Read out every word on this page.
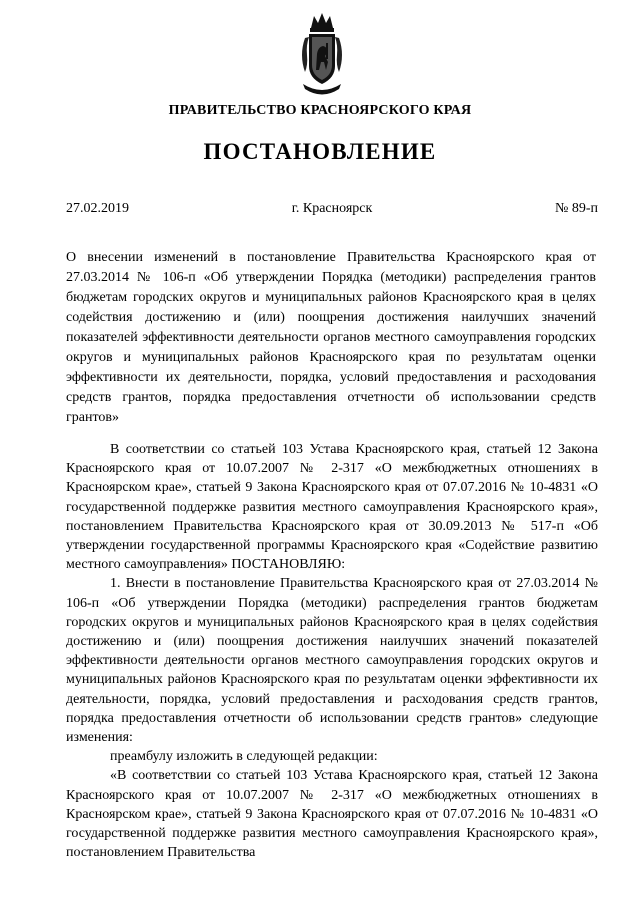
ПРАВИТЕЛЬСТВО КРАСНОЯРСКОГО КРАЯ
ПОСТАНОВЛЕНИЕ
27.02.2019	г. Красноярск	№ 89-п
О внесении изменений в постановление Правительства Красноярского края от 27.03.2014 № 106-п «Об утверждении Порядка (методики) распределения грантов бюджетам городских округов и муниципальных районов Красноярского края в целях содействия достижению и (или) поощрения достижения наилучших значений показателей эффективности деятельности органов местного самоуправления городских округов и муниципальных районов Красноярского края по результатам оценки эффективности их деятельности, порядка, условий предоставления и расходования средств грантов, порядка предоставления отчетности об использовании средств грантов»

В соответствии со статьей 103 Устава Красноярского края, статьей 12 Закона Красноярского края от 10.07.2007 № 2-317 «О межбюджетных отношениях в Красноярском крае», статьей 9 Закона Красноярского края от 07.07.2016 № 10-4831 «О государственной поддержке развития местного самоуправления Красноярского края», постановлением Правительства Красноярского края от 30.09.2013 № 517-п «Об утверждении государственной программы Красноярского края «Содействие развитию местного самоуправления» ПОСТАНОВЛЯЮ:

1. Внести в постановление Правительства Красноярского края от 27.03.2014 № 106-п «Об утверждении Порядка (методики) распределения грантов бюджетам городских округов и муниципальных районов Красноярского края в целях содействия достижению и (или) поощрения достижения наилучших значений показателей эффективности деятельности органов местного самоуправления городских округов и муниципальных районов Красноярского края по результатам оценки эффективности их деятельности, порядка, условий предоставления и расходования средств грантов, порядка предоставления отчетности об использовании средств грантов» следующие изменения:

преамбулу изложить в следующей редакции:

«В соответствии со статьей 103 Устава Красноярского края, статьей 12 Закона Красноярского края от 10.07.2007 № 2-317 «О межбюджетных отношениях в Красноярском крае», статьей 9 Закона Красноярского края от 07.07.2016 № 10-4831 «О государственной поддержке развития местного самоуправления Красноярского края», постановлением Правительства
